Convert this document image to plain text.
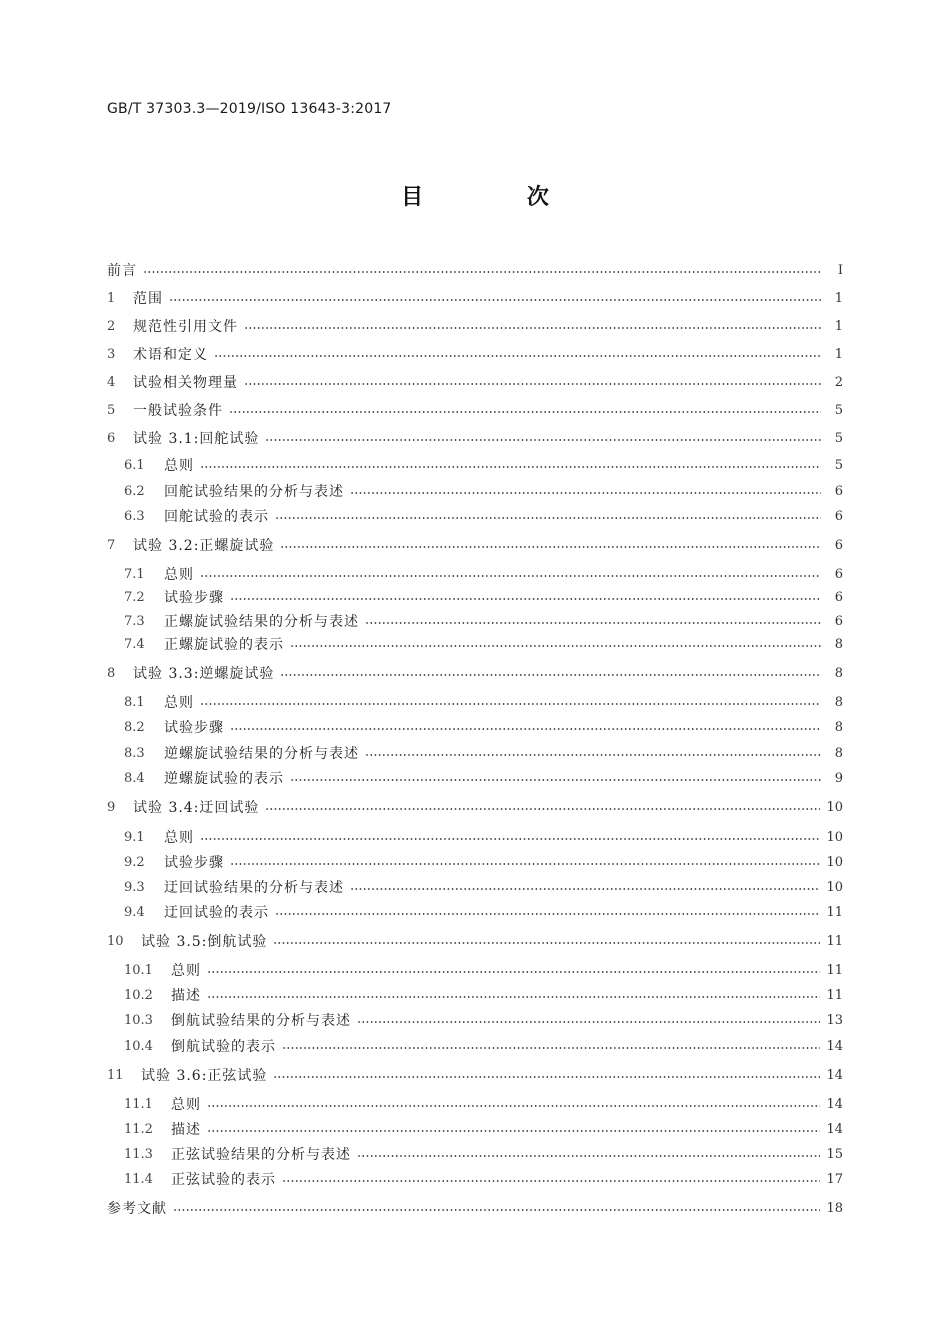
GB/T 37303.3—2019/ISO 13643-3:2017
目 次
前言	Ⅰ
1	范围	1
2	规范性引用文件	1
3	术语和定义	1
4	试验相关物理量	2
5	一般试验条件	5
6	试验 3.1:回舵试验	5
6.1	总则	5
6.2	回舵试验结果的分析与表述	6
6.3	回舵试验的表示	6
7	试验 3.2:正螺旋试验	6
7.1	总则	6
7.2	试验步骤	6
7.3	正螺旋试验结果的分析与表述	6
7.4	正螺旋试验的表示	8
8	试验 3.3:逆螺旋试验	8
8.1	总则	8
8.2	试验步骤	8
8.3	逆螺旋试验结果的分析与表述	8
8.4	逆螺旋试验的表示	9
9	试验 3.4:迂回试验	10
9.1	总则	10
9.2	试验步骤	10
9.3	迂回试验结果的分析与表述	10
9.4	迂回试验的表示	11
10	试验 3.5:倒航试验	11
10.1	总则	11
10.2	描述	11
10.3	倒航试验结果的分析与表述	13
10.4	倒航试验的表示	14
11	试验 3.6:正弦试验	14
11.1	总则	14
11.2	描述	14
11.3	正弦试验结果的分析与表述	15
11.4	正弦试验的表示	17
参考文献	18
